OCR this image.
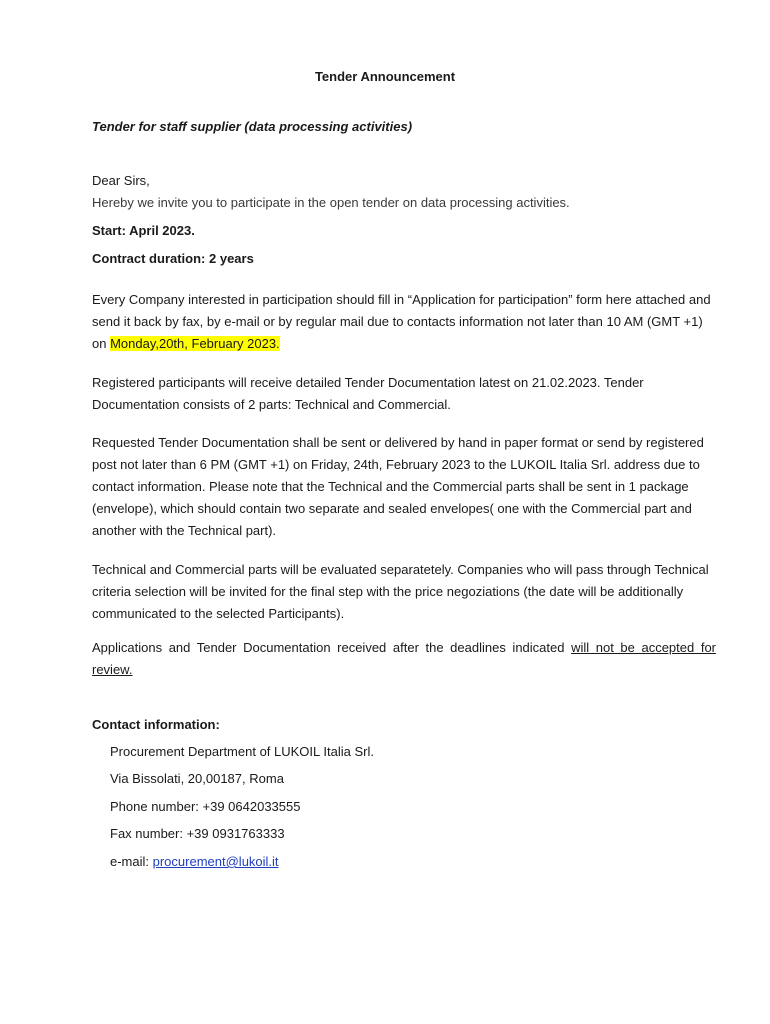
Tender Announcement
Tender for staff supplier (data processing activities)
Dear Sirs,
Hereby we invite you to participate in the open tender on data processing activities.
Start: April 2023.
Contract duration: 2 years
Every Company interested in participation should fill in “Application for participation” form here attached and send it back by fax, by e-mail or by regular mail due to contacts information not later than 10 AM (GMT +1) on Monday,20th, February 2023.
Registered participants will receive detailed Tender Documentation latest on 21.02.2023. Tender Documentation consists of 2 parts: Technical and Commercial.
Requested Tender Documentation shall be sent or delivered by hand in paper format or send by registered post not later than 6 PM (GMT +1) on Friday, 24th, February 2023 to the LUKOIL Italia Srl. address due to contact information. Please note that the Technical and the Commercial parts shall be sent in 1 package (envelope), which should contain two separate and sealed envelopes( one with the Commercial part and another with the Technical part).
Technical and Commercial parts will be evaluated separatetely. Companies who will pass through Technical criteria selection will be invited for the final step with the price negoziations (the date will be additionally communicated to the selected Participants).
Applications and Tender Documentation received after the deadlines indicated will not be accepted for review.
Contact information:
Procurement Department of LUKOIL Italia Srl.
Via Bissolati, 20,00187, Roma
Phone number: +39 0642033555
Fax number: +39 0931763333
e-mail: procurement@lukoil.it
